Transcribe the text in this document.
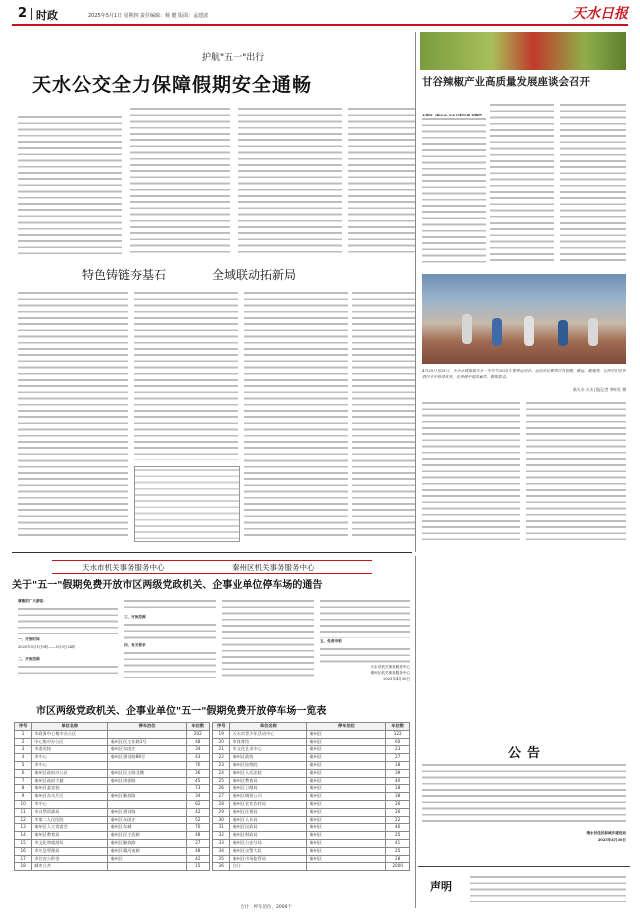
2 时政	2025年5月1日 星期四 责任编辑：杨 健 版面：孟建波	天水日报
护航"五一"出行
天水公交全力保障假期安全通畅
特色铸链夯基石	全域联动拓新局
甘谷辣椒产业高质量发展座谈会召开
4月29日至29日，天水市就第届天水一中学年2025年春季运动会。运动会比赛项目有短跑、跳远、跳绳等，让同学们在挥洒汗水中获得欢笑，在拼搏中提高素质、锻炼意志。
新天水·天水日报记者 李旺旺 摄
天水市机关事务服务中心	秦州区机关事务服务中心
关于"五一"假期免费开放市区两级党政机关、企事业单位停车场的通告
尊敬的广大游客：
一、开放时间
2025年5月1日0时——5月5日24时
二、开放范围
三、开放范围
四、有关要求
五、免责申明
天水市机关事务服务中心
秦州区机关事务服务中心
2025年4月30日
市区两级党政机关、企事业单位"五一"假期免费开放停车场一览表
序号	单位名称	停车泊位	车位数
1	市政务中心集中办公区		202
2	中心集中办公区	秦州区民主东路1号	48
3	市委党校	秦州区东团庄	34
4	市中心	秦州区建设路88号	43
5	市中心		76
6	秦州区政府办公区	秦州区民主路北侧	36
7	秦州区政府大楼	秦州区南郭路	45
8	秦州区委党校		73
9	秦州区东关片区	秦州区解放路	34
10	市中心		62
11	市自然资源局	秦州区建设路	42
12	市第二人民医院	秦州区东团庄	52
13	秦州区人大常委会	秦州区东城	70
14	秦州区教育局	秦州区民主西路	48
15	市文化和旅游局	秦州区解放路	27
16	市应急管理局	秦州区藉河南路	48
17	市住房公积金	秦州区	42
18	城市公共		15
序号	单位名称	停车泊位	车位数
19	天水市青少年活动中心	秦州区	122
20	市体育馆	秦州区	60
21	市文化艺术中心	秦州区	23
22	秦州区政协	秦州区	27
23	秦州区检察院	秦州区	18
24	秦州区人民法院	秦州区	39
25	秦州区教育局	秦州区	40
26	秦州区卫健局	秦州区	18
27	秦州区城投公司	秦州区	38
28	秦州区农业农村局	秦州区	26
29	秦州区住建局	秦州区	26
30	秦州区人社局	秦州区	22
31	秦州区民政局	秦州区	46
32	秦州区财政局	秦州区	25
33	秦州区公安分局	秦州区	41
34	秦州区交警大队	秦州区	25
35	秦州区市场监管局	秦州区	28
36	合计		2000
合计：停车泊位，2000个
公告
清水县佳民和城乡建设局
2025年4月30日
声明
